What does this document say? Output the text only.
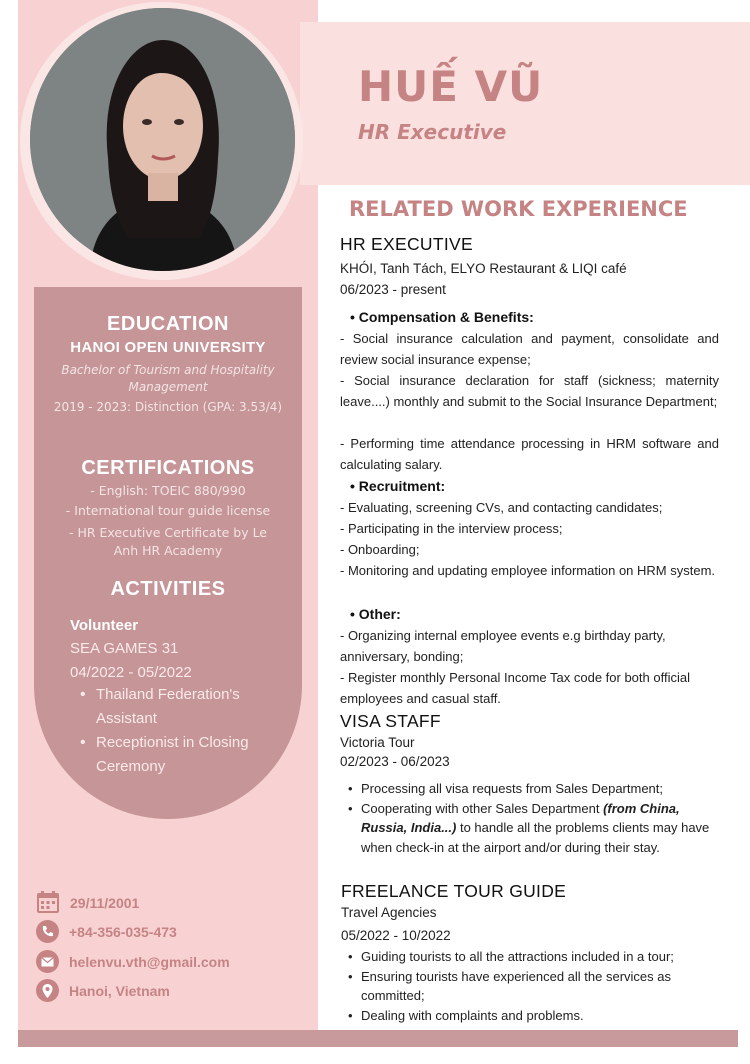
HUẾ VŨ
HR Executive
EDUCATION
HANOI OPEN UNIVERSITY
Bachelor of Tourism and Hospitality Management
2019 - 2023: Distinction (GPA: 3.53/4)
CERTIFICATIONS
- English: TOEIC 880/990
- International tour guide license
- HR Executive Certificate by Le Anh HR Academy
ACTIVITIES
Volunteer
SEA GAMES 31
04/2022 - 05/2022
• Thailand Federation's Assistant
• Receptionist in Closing Ceremony
29/11/2001
+84-356-035-473
helenvu.vth@gmail.com
Hanoi, Vietnam
RELATED WORK EXPERIENCE
HR EXECUTIVE
KHÓI, Tanh Tách, ELYO Restaurant & LIQI café
06/2023 - present
• Compensation & Benefits:
- Social insurance calculation and payment, consolidate and review social insurance expense;
- Social insurance declaration for staff (sickness; maternity leave....) monthly and submit to the Social Insurance Department;
- Performing time attendance processing in HRM software and calculating salary.
• Recruitment:
- Evaluating, screening CVs, and contacting candidates;
- Participating in the interview process;
- Onboarding;
- Monitoring and updating employee information on HRM system.
• Other:
- Organizing internal employee events e.g birthday party, anniversary, bonding;
- Register monthly Personal Income Tax code for both official employees and casual staff.
VISA STAFF
Victoria Tour
02/2023 - 06/2023
• Processing all visa requests from Sales Department;
• Cooperating with other Sales Department (from China, Russia, India...) to handle all the problems clients may have when check-in at the airport and/or during their stay.
FREELANCE TOUR GUIDE
Travel Agencies
05/2022 - 10/2022
• Guiding tourists to all the attractions included in a tour;
• Ensuring tourists have experienced all the services as committed;
• Dealing with complaints and problems.
